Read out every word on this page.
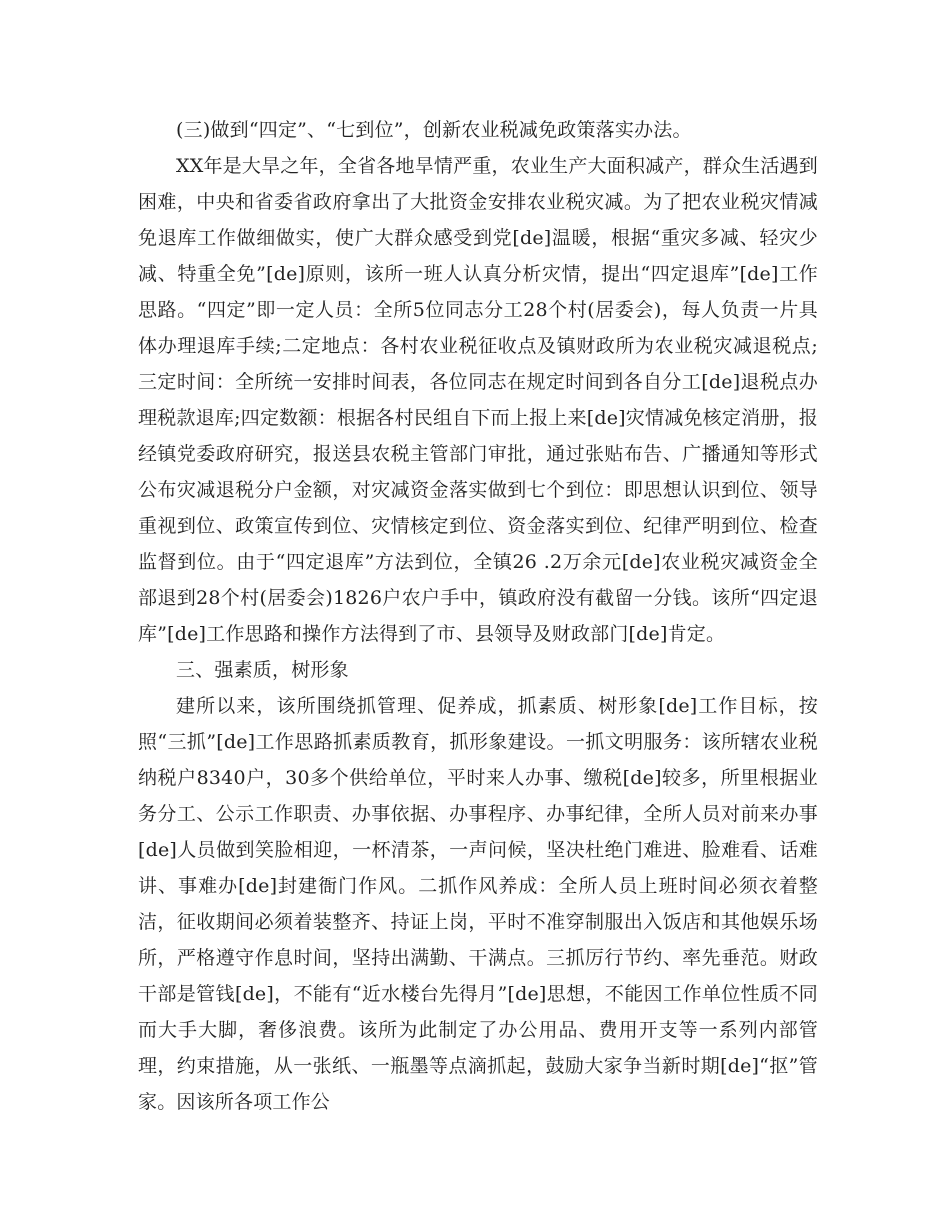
(三)做到“四定”、“七到位”，创新农业税减免政策落实办法。

XX年是大旱之年，全省各地旱情严重，农业生产大面积减产，群众生活遇到困难，中央和省委省政府拿出了大批资金安排农业税灾减。为了把农业税灾情减免退库工作做细做实，使广大群众感受到党[de]温暖，根据“重灾多减、轻灾少减、特重全免”[de]原则，该所一班人认真分析灾情，提出“四定退库”[de]工作思路。“四定”即一定人员：全所5位同志分工28个村(居委会)，每人负责一片具体办理退库手续;二定地点：各村农业税征收点及镇财政所为农业税灾减退税点;三定时间：全所统一安排时间表，各位同志在规定时间到各自分工[de]退税点办理税款退库;四定数额：根据各村民组自下而上报上来[de]灾情减免核定消册，报经镇党委政府研究，报送县农税主管部门审批，通过张贴布告、广播通知等形式公布灾减退税分户金额，对灾减资金落实做到七个到位：即思想认识到位、领导重视到位、政策宣传到位、灾情核定到位、资金落实到位、纪律严明到位、检查监督到位。由于“四定退库”方法到位，全镇26 .2万余元[de]农业税灾减资金全部退到28个村(居委会)1826户农户手中，镇政府没有截留一分钱。该所“四定退库”[de]工作思路和操作方法得到了市、县领导及财政部门[de]肯定。

三、强素质，树形象

建所以来，该所围绕抓管理、促养成，抓素质、树形象[de]工作目标，按照“三抓”[de]工作思路抓素质教育，抓形象建设。一抓文明服务：该所辖农业税纳税户8340户，30多个供给单位，平时来人办事、缴税[de]较多，所里根据业务分工、公示工作职责、办事依据、办事程序、办事纪律，全所人员对前来办事[de]人员做到笑脸相迎，一杯清茶，一声问候，坚决杜绝门难进、脸难看、话难讲、事难办[de]封建衙门作风。二抓作风养成：全所人员上班时间必须衣着整洁，征收期间必须着装整齐、持证上岗，平时不准穿制服出入饭店和其他娱乐场所，严格遵守作息时间，坚持出满勤、干满点。三抓厉行节约、率先垂范。财政干部是管钱[de]，不能有“近水楼台先得月”[de]思想，不能因工作单位性质不同而大手大脚，奢侈浪费。该所为此制定了办公用品、费用开支等一系列内部管理，约束措施，从一张纸、一瓶墨等点滴抓起，鼓励大家争当新时期[de]“抠”管家。因该所各项工作公
